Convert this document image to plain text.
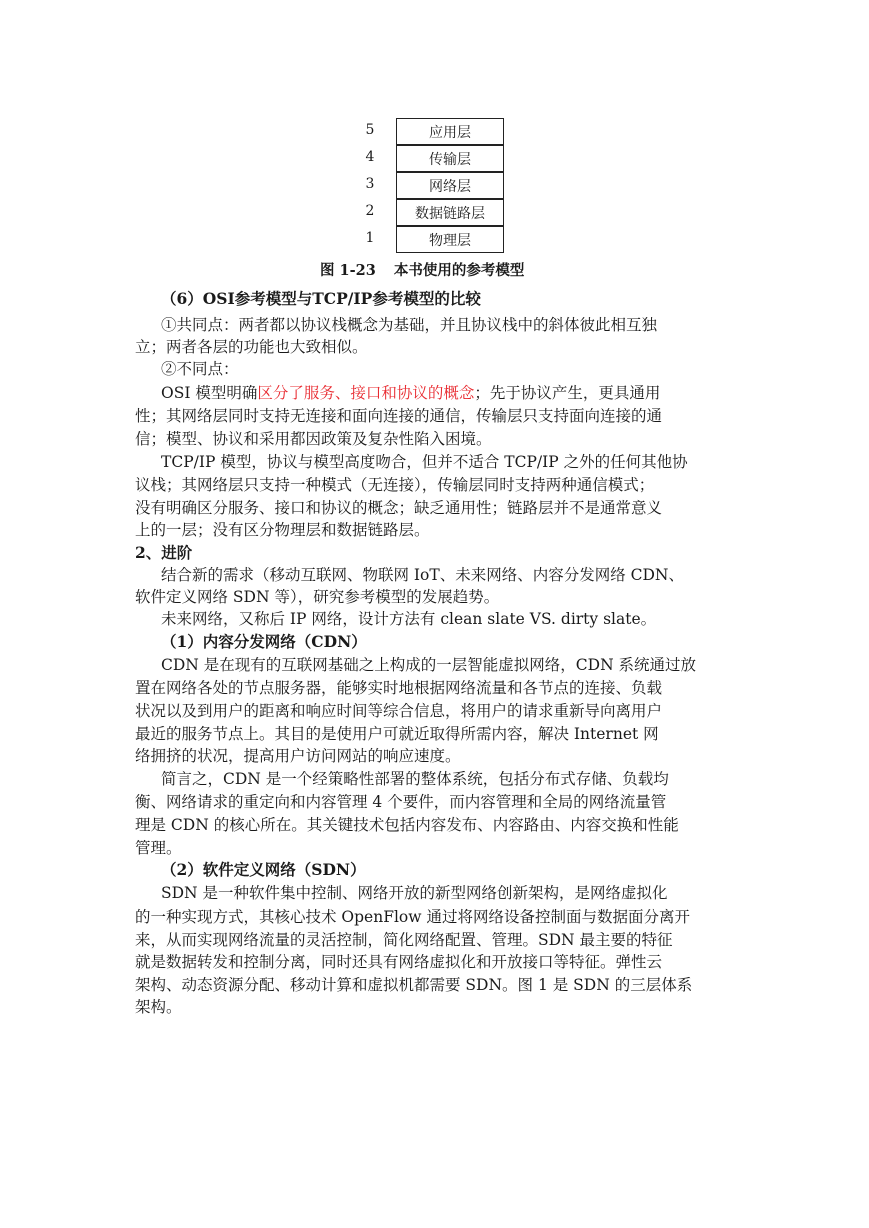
5	应用层
4	传输层
3	网络层
2	数据链路层
1	物理层
图 1-23 本书使用的参考模型
（6）OSI参考模型与TCP/IP参考模型的比较
①共同点：两者都以协议栈概念为基础，并且协议栈中的斜体彼此相互独
立；两者各层的功能也大致相似。
②不同点：
OSI 模型明确区分了服务、接口和协议的概念；先于协议产生，更具通用
性；其网络层同时支持无连接和面向连接的通信，传输层只支持面向连接的通
信；模型、协议和采用都因政策及复杂性陷入困境。
TCP/IP 模型，协议与模型高度吻合，但并不适合 TCP/IP 之外的任何其他协
议栈；其网络层只支持一种模式（无连接），传输层同时支持两种通信模式；
没有明确区分服务、接口和协议的概念；缺乏通用性；链路层并不是通常意义
上的一层；没有区分物理层和数据链路层。
2、进阶
结合新的需求（移动互联网、物联网 IoT、未来网络、内容分发网络 CDN、
软件定义网络 SDN 等），研究参考模型的发展趋势。
未来网络，又称后 IP 网络，设计方法有 clean slate VS. dirty slate。
（1）内容分发网络（CDN）
CDN 是在现有的互联网基础之上构成的一层智能虚拟网络，CDN 系统通过放
置在网络各处的节点服务器，能够实时地根据网络流量和各节点的连接、负载
状况以及到用户的距离和响应时间等综合信息，将用户的请求重新导向离用户
最近的服务节点上。其目的是使用户可就近取得所需内容，解决 Internet 网
络拥挤的状况，提高用户访问网站的响应速度。
简言之，CDN 是一个经策略性部署的整体系统，包括分布式存储、负载均
衡、网络请求的重定向和内容管理 4 个要件，而内容管理和全局的网络流量管
理是 CDN 的核心所在。其关键技术包括内容发布、内容路由、内容交换和性能
管理。
（2）软件定义网络（SDN）
SDN 是一种软件集中控制、网络开放的新型网络创新架构，是网络虚拟化
的一种实现方式，其核心技术 OpenFlow 通过将网络设备控制面与数据面分离开
来，从而实现网络流量的灵活控制，简化网络配置、管理。SDN 最主要的特征
就是数据转发和控制分离，同时还具有网络虚拟化和开放接口等特征。弹性云
架构、动态资源分配、移动计算和虚拟机都需要 SDN。图 1 是 SDN 的三层体系
架构。
